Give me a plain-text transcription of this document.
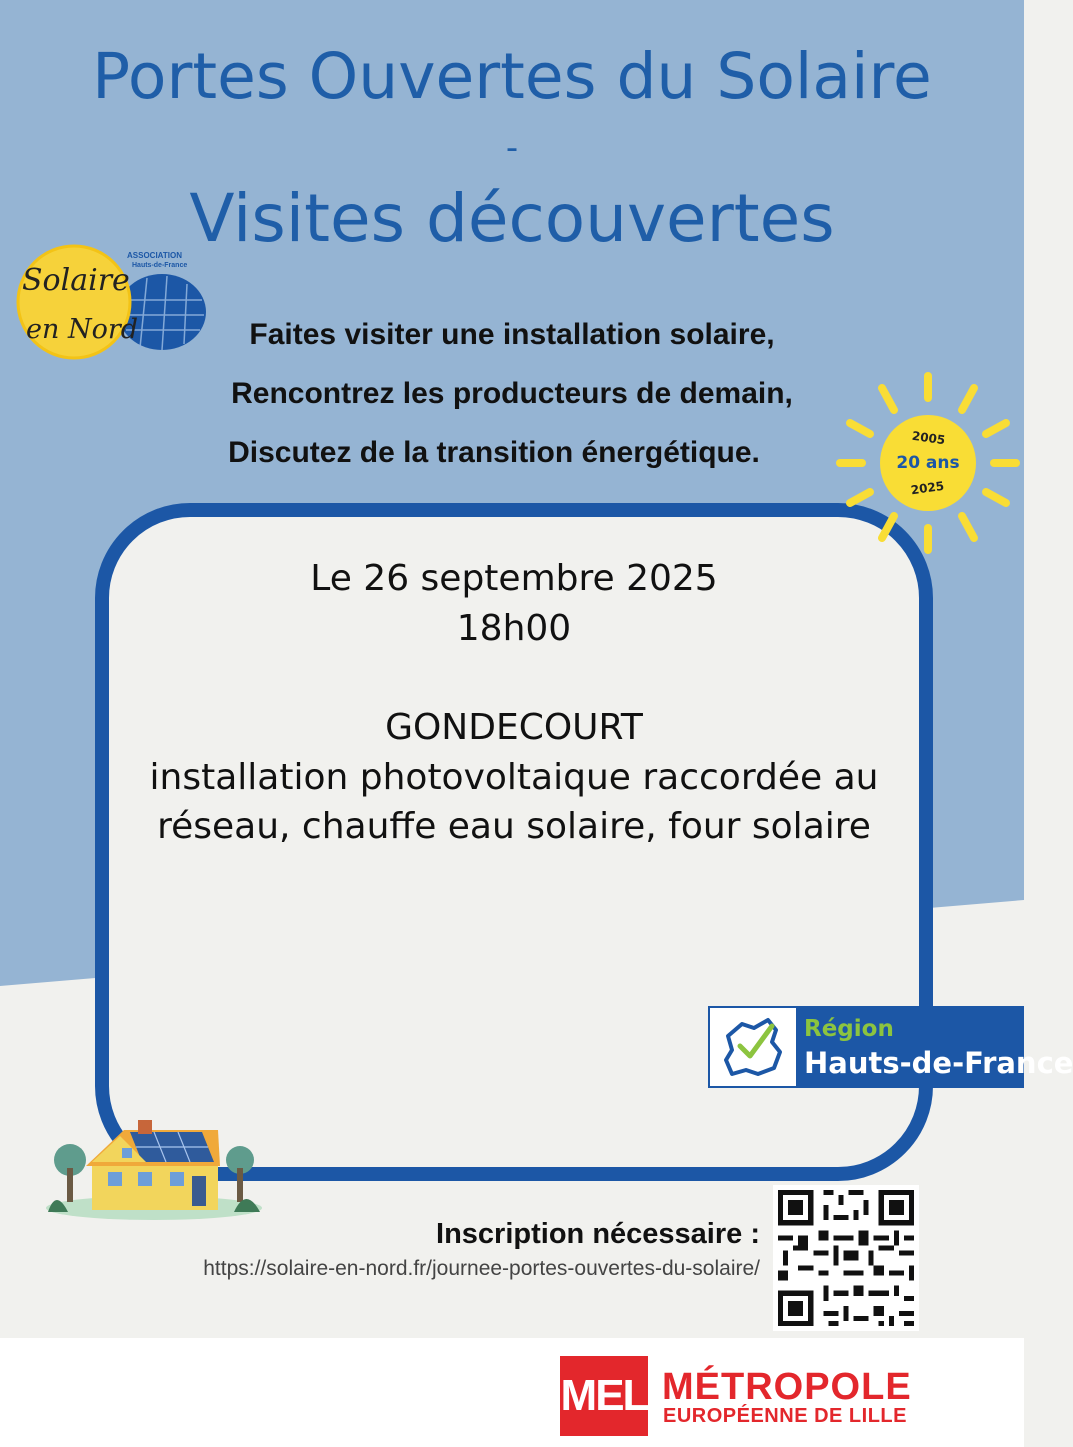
Portes Ouvertes du Solaire
-
Visites découvertes
Solaire
en Nord
ASSOCIATION
Hauts-de-France
Faites visiter une installation solaire,
Rencontrez les producteurs de demain,
Discutez de la transition énergétique.	2005
20 ans
2025
Le 26 septembre 2025
18h00
GONDECOURT
installation photovoltaique raccordée au
réseau, chauffe eau solaire, four solaire
Région
Hauts-de-France
Inscription nécessaire :
https://solaire-en-nord.fr/journee-portes-ouvertes-du-solaire/
MEL MÉTROPOLE
EUROPÉENNE DE LILLE
